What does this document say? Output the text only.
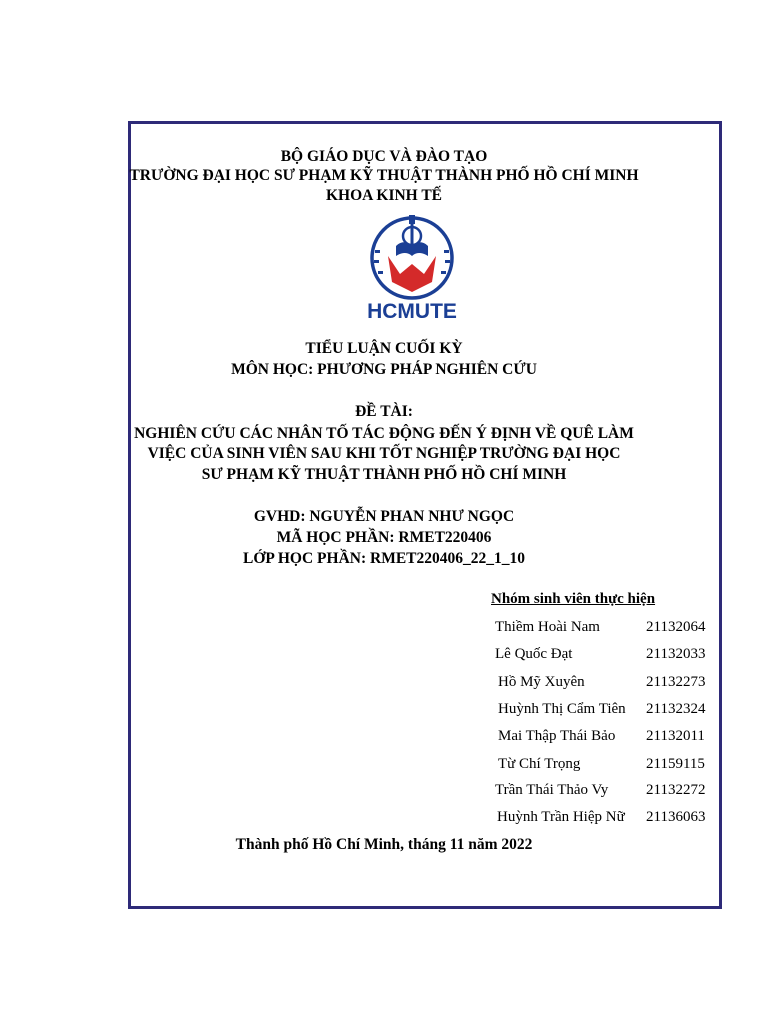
BỘ GIÁO DỤC VÀ ĐÀO TẠO
TRƯỜNG ĐẠI HỌC SƯ PHẠM KỸ THUẬT THÀNH PHỐ HỒ CHÍ MINH
KHOA KINH TẾ
HCMUTE
TIỂU LUẬN CUỐI KỲ
MÔN HỌC: PHƯƠNG PHÁP NGHIÊN CỨU
ĐỀ TÀI:
NGHIÊN CỨU CÁC NHÂN TỐ TÁC ĐỘNG ĐẾN Ý ĐỊNH VỀ QUÊ LÀM
VIỆC CỦA SINH VIÊN SAU KHI TỐT NGHIỆP TRƯỜNG ĐẠI HỌC
SƯ PHẠM KỸ THUẬT THÀNH PHỐ HỒ CHÍ MINH
GVHD: NGUYỄN PHAN NHƯ NGỌC
MÃ HỌC PHẦN: RMET220406
LỚP HỌC PHẦN: RMET220406_22_1_10
Nhóm sinh viên thực hiện
Thiềm Hoài Nam	21132064
Lê Quốc Đạt	21132033
Hồ Mỹ Xuyên	21132273
Huỳnh Thị Cẩm Tiên 21132324
Mai Thập Thái Bảo 21132011
Từ Chí Trọng	21159115
Trần Thái Thảo Vy	21132272
Huỳnh Trần Hiệp Nữ 21136063
Thành phố Hồ Chí Minh, tháng 11 năm 2022
